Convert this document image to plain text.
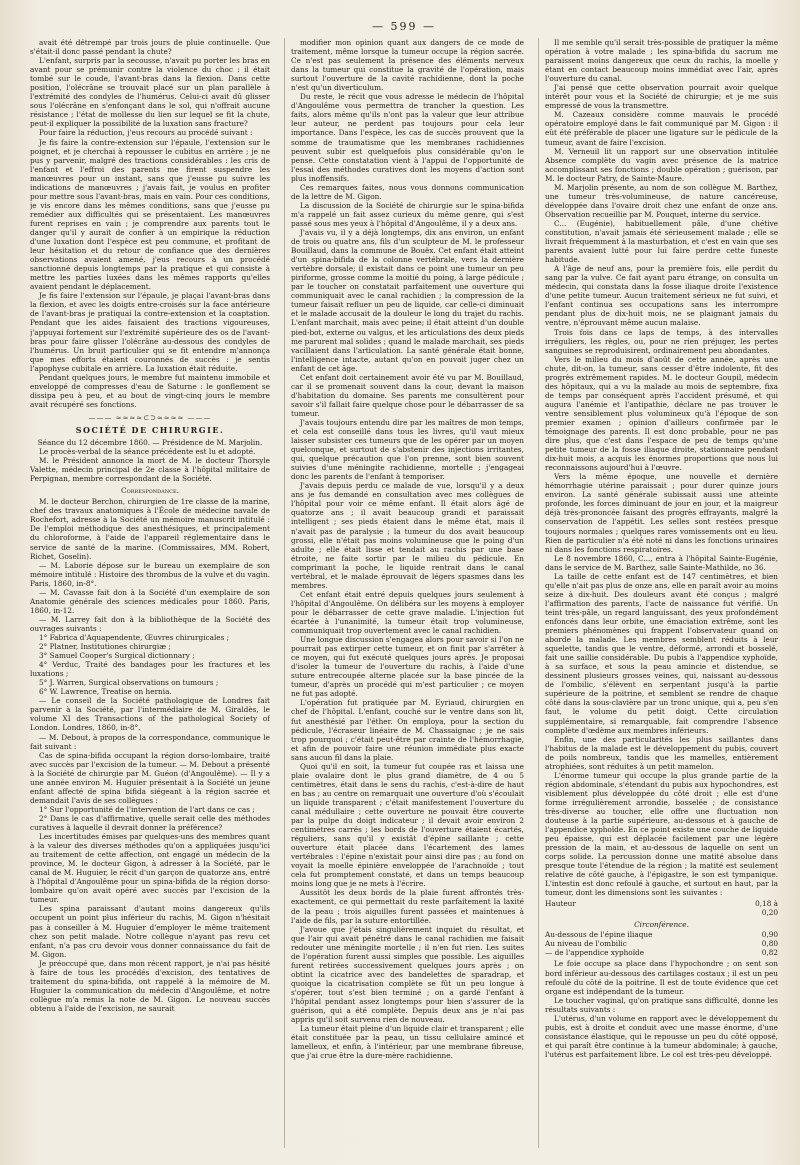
— 599 —

avait été détrempé par trois jours de pluie continuelle. Que s'était-il donc passé pendant la chute?

L'enfant, surpris par la secousse, n'avait pu porter les bras en avant pour se prémunir contre la violence du choc : il était tombé sur le coude, l'avant-bras dans la flexion. Dans cette position, l'olécrâne se trouvait placé sur un plan parallèle à l'extrémité des condyles de l'humérus. Celui-ci avait dû glisser sous l'olécrâne en s'enfonçant dans le sol, qui n'offrait aucune résistance ; l'état de mollesse du lien sur lequel se fit la chute, peut-il expliquer la possibilité de la luxation sans fracture?

Pour faire la réduction, j'eus recours au procédé suivant :

Je fis faire la contre-extension sur l'épaule, l'extension sur le poignet, et je cherchai à repousser le cubitus en arrière ; je ne pus y parvenir, malgré des tractions considérables : les cris de l'enfant et l'effroi des parents me firent suspendre les manœuvres pour un instant, sans que j'eusse pu suivre les indications de manœuvres ; j'avais fait, je voulus en profiter pour mettre sous l'avant-bras, mais en vain. Pour ces conditions, je vis encore dans les mêmes conditions, sans que j'eusse pu remédier aux difficultés qui se présentaient. Les manœuvres furent reprises en vain ; je comprendre aux parents tout le danger qu'il y aurait de confier à un empirique la réduction d'une luxation dont l'espèce est peu commune, et profitant de leur hésitation et du retour de confiance que des dernières observations avaient amené, j'eus recours à un procédé sanctionné depuis longtemps par la pratique et qui consiste à mettre les parties luxées dans les mêmes rapports qu'elles avaient pendant le déplacement.

Je fis faire l'extension sur l'épaule, je plaçai l'avant-bras dans la flexion, et avec les doigts entre-croisés sur la face antérieure de l'avant-bras je pratiquai la contre-extension et la coaptation. Pendant que les aides faisaient des tractions vigoureuses, j'appuyai fortement sur l'extrémité supérieure des os de l'avant-bras pour faire glisser l'olécrâne au-dessous des condyles de l'humérus. Un bruit particulier qui se fit entendre m'annonça que mes efforts étaient couronnés de succès : je sentis l'apophyse cubitale en arrière. La luxation était réduite.

Pendant quelques jours, le membre fut maintenu immobile et enveloppé de compresses d'eau de Saturne : le gonflement se dissipa peu à peu, et au bout de vingt-cinq jours le membre avait récupéré ses fonctions.

——— ≈≈≈≈⊂⊃≈≈≈≈ ———
SOCIÉTÉ DE CHIRURGIE.

Séance du 12 décembre 1860. — Présidence de M. Marjolin.

Le procès-verbal de la séance précédente est lu et adopté.

M. le Président annonce la mort de M. le docteur Thorsyle Valette, médecin principal de 2e classe à l'hôpital militaire de Perpignan, membre correspondant de la Société.

Correspondance.

M. le docteur Berchon, chirurgien de 1re classe de la marine, chef des travaux anatomiques à l'École de médecine navale de Rochefort, adresse à la Société un mémoire manuscrit intitulé : De l'emploi méthodique des anesthésiques, et principalement du chloroforme, à l'aide de l'appareil réglementaire dans le service de santé de la marine. (Commissaires, MM. Robert, Richet, Goselin).

— M. Laborie dépose sur le bureau un exemplaire de son mémoire intitulé : Histoire des thrombus de la vulve et du vagin. Paris, 1860, in-8°.

— M. Cavasse fait don à la Société d'un exemplaire de son Anatomie générale des sciences médicales pour 1860. Paris, 1860, in-12.

— M. Larrey fait don à la bibliothèque de la Société des ouvrages suivants :

1° Fabrica d'Aquapendente, Œuvres chirurgicales ;

2° Platner, Institutiones chirurgiæ ;

3° Samuel Cooper's Surgical dictionnary ;

4° Verduc, Traité des bandages pour les fractures et les luxations ;

5° J. Warren, Surgical observations on tumours ;

6° W. Lawrence, Treatise on hernia.

— Le conseil de la Société pathologique de Londres fait parvenir à la Société, par l'intermédiaire de M. Giraldès, le volume XI des Transactions of the pathological Society of London. Londres, 1860, in-8°.

— M. Debout, à propos de la correspondance, communique le fait suivant :

Cas de spina-bifida occupant la région dorso-lombaire, traité avec succès par l'excision de la tumeur. — M. Debout a présenté à la Société de chirurgie par M. Guéon (d'Angoulême). — Il y a une année environ M. Huguier présentait à la Société un jeune enfant affecté de spina bifida siégeant à la région sacrée et demandait l'avis de ses collègues :

1° Sur l'opportunité de l'intervention de l'art dans ce cas ;

2° Dans le cas d'affirmative, quelle serait celle des méthodes curatives à laquelle il devrait donner la préférence?

Les incertitudes émises par quelques-uns des membres quant à la valeur des diverses méthodes qu'on a appliquées jusqu'ici au traitement de cette affection, ont engagé un médecin de la province, M. le docteur Gigon, à adresser à la Société, par le canal de M. Huguier, le récit d'un garçon de quatorze ans, entré à l'hôpital d'Angoulême pour un spina-bifida de la région dorso-lombaire qu'on avait opéré avec succès par l'excision de la tumeur.

Les spina paraissant d'autant moins dangereux qu'ils occupent un point plus inférieur du rachis, M. Gigon n'hésitait pas à conseiller à M. Huguier d'employer le même traitement chez son petit malade. Notre collègue n'ayant pas revu cet enfant, n'a pas cru devoir vous donner connaissance du fait de M. Gigon.

Je préoccupé que, dans mon récent rapport, je n'ai pas hésité à faire de tous les procédés d'excision, des tentatives de traitement du spina-bifida, ont rappelé à la mémoire de M. Huguier la communication du médecin d'Angoulême, et notre collègue m'a remis la note de M. Gigon. Le nouveau succès obtenu à l'aide de l'excision, ne saurait

modifier mon opinion quant aux dangers de ce mode de traitement, même lorsque la tumeur occupe la région sacrée. Ce n'est pas seulement la présence des éléments nerveux dans la tumeur qui constitue la gravité de l'opération, mais surtout l'ouverture de la cavité rachidienne, dont la poche n'est qu'un diverticulum.

Du reste, le récit que vous adresse le médecin de l'hôpital d'Angoulême vous permettra de trancher la question. Les faits, alors même qu'ils n'ont pas la valeur que leur attribue leur auteur, ne perdent pas toujours pour cela leur importance. Dans l'espèce, les cas de succès prouvent que la somme de traumatisme que les membranes rachidiennes peuvent subir est quelquefois plus considérable qu'on le pense. Cette constatation vient à l'appui de l'opportunité de l'essai des méthodes curatives dont les moyens d'action sont plus inoffensifs.

Ces remarques faites, nous vous donnons communication de la lettre de M. Gigon.

La discussion de la Société de chirurgie sur le spina-bifida m'a rappelé un fait assez curieux du même genre, qui s'est passé sous mes yeux à l'hôpital d'Angoulême, il y a deux ans.

J'avais vu, il y a déjà longtemps, dix ans environ, un enfant de trois ou quatre ans, fils d'un sculpteur de M. le professeur Bouillaud, dans la commune de Bouëx. Cet enfant était atteint d'un spina-bifida de la colonne vertébrale, vers la dernière vertèbre dorsale; il existait dans ce point une tumeur un peu piriforme, grosse comme la moitié du poing, à large pédicule ; par le toucher on constatait parfaitement une ouverture qui communiquait avec le canal rachidien ; la compression de la tumeur faisait refluer un peu de liquide, car celle-ci diminuait et le malade accusait de la douleur le long du trajet du rachis. L'enfant marchait, mais avec peine; il était atteint d'un double pied-bot, externe ou valgus, et les articulations des deux pieds me parurent mal solides ; quand le malade marchait, ses pieds vacillaient dans l'articulation. La santé générale était bonne, l'intelligence intacte, autant qu'on en pouvait juger chez un enfant de cet âge.

Cet enfant doit certainement avoir été vu par M. Bouillaud, car il se promenait souvent dans la cour, devant la maison d'habitation du domaine. Ses parents me consultèrent pour savoir s'il fallait faire quelque chose pour le débarrasser de sa tumeur.

J'avais toujours entendu dire par les maîtres de mon temps, et cela est conseillé dans tous les livres, qu'il vaut mieux laisser subsister ces tumeurs que de les opérer par un moyen quelconque, et surtout de s'abstenir des injections irritantes, qui, quelque précaution que l'on prenne, sont bien souvent suivies d'une méningite rachidienne, mortelle ; j'engageai donc les parents de l'enfant à temporiser.

J'avais depuis perdu ce malade de vue, lorsqu'il y a deux ans je fus demandé en consultation avec mes collègues de l'hôpital pour voir ce même enfant. Il était alors âgé de quatorze ans ; il avait beaucoup grandi et paraissait intelligent ; ses pieds étaient dans le même état, mais il n'avait pas de paralysie ; la tumeur du dos avait beaucoup grossi, elle n'était pas moins volumineuse que le poing d'un adulte ; elle était lisse et tendait au rachis par une base étroite, ne faite sortir par le milieu du pédicule. En comprimant la poche, le liquide rentrait dans le canal vertébral, et le malade éprouvait de légers spasmes dans les membres.

Cet enfant était entré depuis quelques jours seulement à l'hôpital d'Angoulême. On délibéra sur les moyens à employer pour le débarrasser de cette grave maladie. L'injection fut écartée à l'unanimité, la tumeur était trop volumineuse, communiquait trop ouvertement avec le canal rachidien.

Une longue discussion s'engagea alors pour savoir si l'on ne pourrait pas extirper cette tumeur, et on finit par s'arrêter à ce moyen, qui fut exécuté quelques jours après. Je proposai d'isoler la tumeur de l'ouverture du rachis, à l'aide d'une suture entrecoupée alterne placée sur la base pincée de la tumeur, d'après un procédé qui m'est particulier ; ce moyen ne fut pas adopté.

L'opération fut pratiquée par M. Eyriaud, chirurgien en chef de l'hôpital. L'enfant, couché sur le ventre dans son lit, fut anesthésié par l'éther. On employa, pour la section du pédicule, l'écraseur linéaire de M. Chassaignac ; je ne sais trop pourquoi ; c'était peut-être par crainte de l'hémorrhagie, et afin de pouvoir faire une réunion immédiate plus exacte sans aucun fil dans la plaie.

Quoi qu'il en soit, la tumeur fut coupée ras et laissa une plaie ovalaire dont le plus grand diamètre, de 4 ou 5 centimètres, était dans le sens du rachis, c'est-à-dire de haut en bas ; au centre on remarquait une ouverture d'où s'écoulait un liquide transparent ; c'était manifestement l'ouverture du canal médullaire ; cette ouverture ne pouvait être couverte par la pulpe du doigt indicateur ; il devait avoir environ 2 centimètres carrés ; les bords de l'ouverture étaient écartés, réguliers, sans qu'il y existât d'épine saillante ; cette ouverture était placée dans l'écartement des lames vertébrales : l'épine n'existait pour ainsi dire pas ; au fond on voyait la moelle épinière enveloppée de l'arachnoïde ; tout cela fut promptement constaté, et dans un temps beaucoup moins long que je ne mets à l'écrire.

Aussitôt les deux bords de la plaie furent affrontés très-exactement, ce qui permettait du reste parfaitement la laxité de la peau ; trois aiguilles furent passées et maintenues à l'aide de fils, par la suture entortillée.

J'avoue que j'étais singulièrement inquiet du résultat, et que l'air qui avait pénétré dans le canal rachidien me faisait redouter une méningite mortelle ; il n'en fut rien. Les suites de l'opération furent aussi simples que possible. Les aiguilles furent retirées successivement quelques jours après ; on obtint la cicatrice avec des bandelettes de sparadrap, et quoique la cicatrisation complète se fût un peu longue à s'opérer, tout s'est bien terminé ; on a gardé l'enfant à l'hôpital pendant assez longtemps pour bien s'assurer de la guérison, qui a été complète. Depuis deux ans je n'ai pas appris qu'il soit survenu rien de nouveau.

La tumeur était pleine d'un liquide clair et transparent ; elle était constituée par la peau, un tissu cellulaire amincé et lamelleux, et enfin, à l'intérieur, par une membrane fibreuse, que j'ai crue être la dure-mère rachidienne.

Il me semble qu'il serait très-possible de pratiquer la même opération à votre malade ; les spina-bifida du sacrum me paraissent moins dangereux que ceux du rachis, la moelle y étant en contact beaucoup moins immédiat avec l'air, après l'ouverture du canal.

J'ai pensé que cette observation pourrait avoir quelque intérêt pour vous et la Société de chirurgie; et je me suis empressé de vous la transmettre.

M. Cazeaux considère comme mauvais le procédé opératoire employé dans le fait communiqué par M. Gigon : il eût été préférable de placer une ligature sur le pédicule de la tumeur, avant de faire l'excision.

M. Verneuil lit un rapport sur une observation intitulée Absence complète du vagin avec présence de la matrice accomplissant ses fonctions ; double opération ; guérison, par M. le docteur Patry, de Sainte-Maure.

M. Marjolin présente, au nom de son collègue M. Barthez, une tumeur très-volumineuse, de nature cancéreuse, développée dans l'ovaire droit chez une enfant de onze ans. Observation recueillie par M. Pouquet, interne du service.

C... (Eugénie), habituellement pâle, d'une chétive constitution, n'avait jamais été sérieusement malade ; elle se livrait fréquemment à la masturbation, et c'est en vain que ses parents avaient lutté pour lui faire perdre cette funeste habitude.

A l'âge de neuf ans, pour la première fois, elle perdit du sang par la vulve. Ce fait ayant paru étrange, on consulta un médecin, qui constata dans la fosse iliaque droite l'existence d'une petite tumeur. Aucun traitement sérieux ne fut suivi, et l'enfant continua ses occupations sans les interrompre pendant plus de dix-huit mois, ne se plaignant jamais du ventre, n'éprouvant même aucun malaise.

Trois fois dans ce laps de temps, à des intervalles irréguliers, les règles, ou, pour ne rien préjuger, les pertes sanguines se reproduisirent, ordinairement peu abondantes.

Vers le milieu du mois d'août de cette année, après une chute, dit-on, la tumeur, sans cesser d'être indolente, fit des progrès extrêmement rapides. M. le docteur Goupil, médecin des hôpitaux, qui a vu la malade au mois de septembre, fixa de temps par conséquent après l'accident présumé, et qui augura l'anémie et l'antipathie, déclare ne pas trouver le ventre sensiblement plus volumineux qu'à l'époque de son premier examen ; opinion d'ailleurs confirmée par le témoignage des parents. Il est donc probable, pour ne pas dire plus, que c'est dans l'espace de peu de temps qu'une petite tumeur de la fosse iliaque droite, stationnaire pendant dix-huit mois, a acquis les énormes proportions que nous lui reconnaissons aujourd'hui à l'œuvre.

Vers la même époque, une nouvelle et dernière hémorrhagie utérine paraissait ; pour durer quinze jours environ. La santé générale subissait aussi une atteinte profonde, les forces diminuant de jour en jour, et la maigreur déjà très-prononcée faisant des progrès effrayants, malgré la conservation de l'appétit. Les selles sont restées presque toujours normales ; quelques rares vomissements ont eu lieu. Rien de particulier n'a été noté ni dans les fonctions urinaires ni dans les fonctions respiratoires.

Le 8 novembre 1860, C..., entra à l'hôpital Sainte-Eugénie, dans le service de M. Barthez, salle Sainte-Mathilde, no 36.

La taille de cette enfant est de 147 centimètres, et bien qu'elle n'ait pas plus de onze ans, elle en paraît avoir au moins seize à dix-huit. Des douleurs avant été conçus ; malgré l'affirmation des parents, l'acte de naissance fut vérifié. Un teint très-pâle, un regard languissant, des yeux profondément enfoncés dans leur orbite, une émaciation extrême, sont les premiers phénomènes qui frappent l'observateur quand on aborde la malade. Les membres semblent réduits à leur squelette, tandis que le ventre, déformé, arrondi et bosselé, fait une saillie considérable. Du pubis à l'appendice xyphoïde, à sa surface, et sous la peau amincie et distendue, se dessinent plusieurs grosses veines, qui, naissant au-dessous de l'ombilic, s'élèvent en serpentant jusqu'à la partie supérieure de la poitrine, et semblent se rendre de chaque côté dans la sous-clavière par un tronc unique, qui a, peu s'en faut, le volume du petit doigt. Cette circulation supplémentaire, si remarquable, fait comprendre l'absence complète d'œdème aux membres inférieurs.

Enfin, une des particularités les plus saillantes dans l'habitus de la malade est le développement du pubis, couvert de poils nombreux, tandis que les mamelles, entièrement atrophiées, sont réduites à un petit mamelon.

L'énorme tumeur qui occupe la plus grande partie de la région abdominale, s'étendant du pubis aux hypochondres, est visiblement plus développée du côté droit ; elle est d'une forme irrégulièrement arrondie, bosselée ; de consistance très-diverse au toucher, elle offre une fluctuation non douteuse à la partie supérieure, au-dessous et à gauche de l'appendice xyphoïde. En ce point existe une couche de liquide peu épaisse, qui est déplacée facilement par une légère pression de la main, et au-dessous de laquelle on sent un corps solide. La percussion donne une matité absolue dans presque toute l'étendue de la région ; la matité est seulement relative de côté gauche, à l'épigastre, le son est tympanique. L'intestin est donc refoulé à gauche, et surtout en haut, par la tumeur, dont les dimensions sont les suivantes :

Hauteur	0,18 à 0,20
Circonférence.
Au-dessous de l'épine iliaque	0,90
Au niveau de l'ombilic	0,80
— de l'appendice xyphoïde	0,82

Le foie occupe sa place dans l'hypochondre ; on sent son bord inférieur au-dessous des cartilages costaux ; il est un peu refoulé du côté de la poitrine. Il est de toute évidence que cet organe est indépendant de la tumeur.

Le toucher vaginal, qu'on pratique sans difficulté, donne les résultats suivants :

L'utérus, d'un volume en rapport avec le développement du pubis, est à droite et conduit avec une masse énorme, d'une consistance élastique, qui le repousse un peu du côté opposé, et qui paraît être continue à la tumeur abdominale; à gauche, l'utérus est parfaitement libre. Le col est très-peu développé.
